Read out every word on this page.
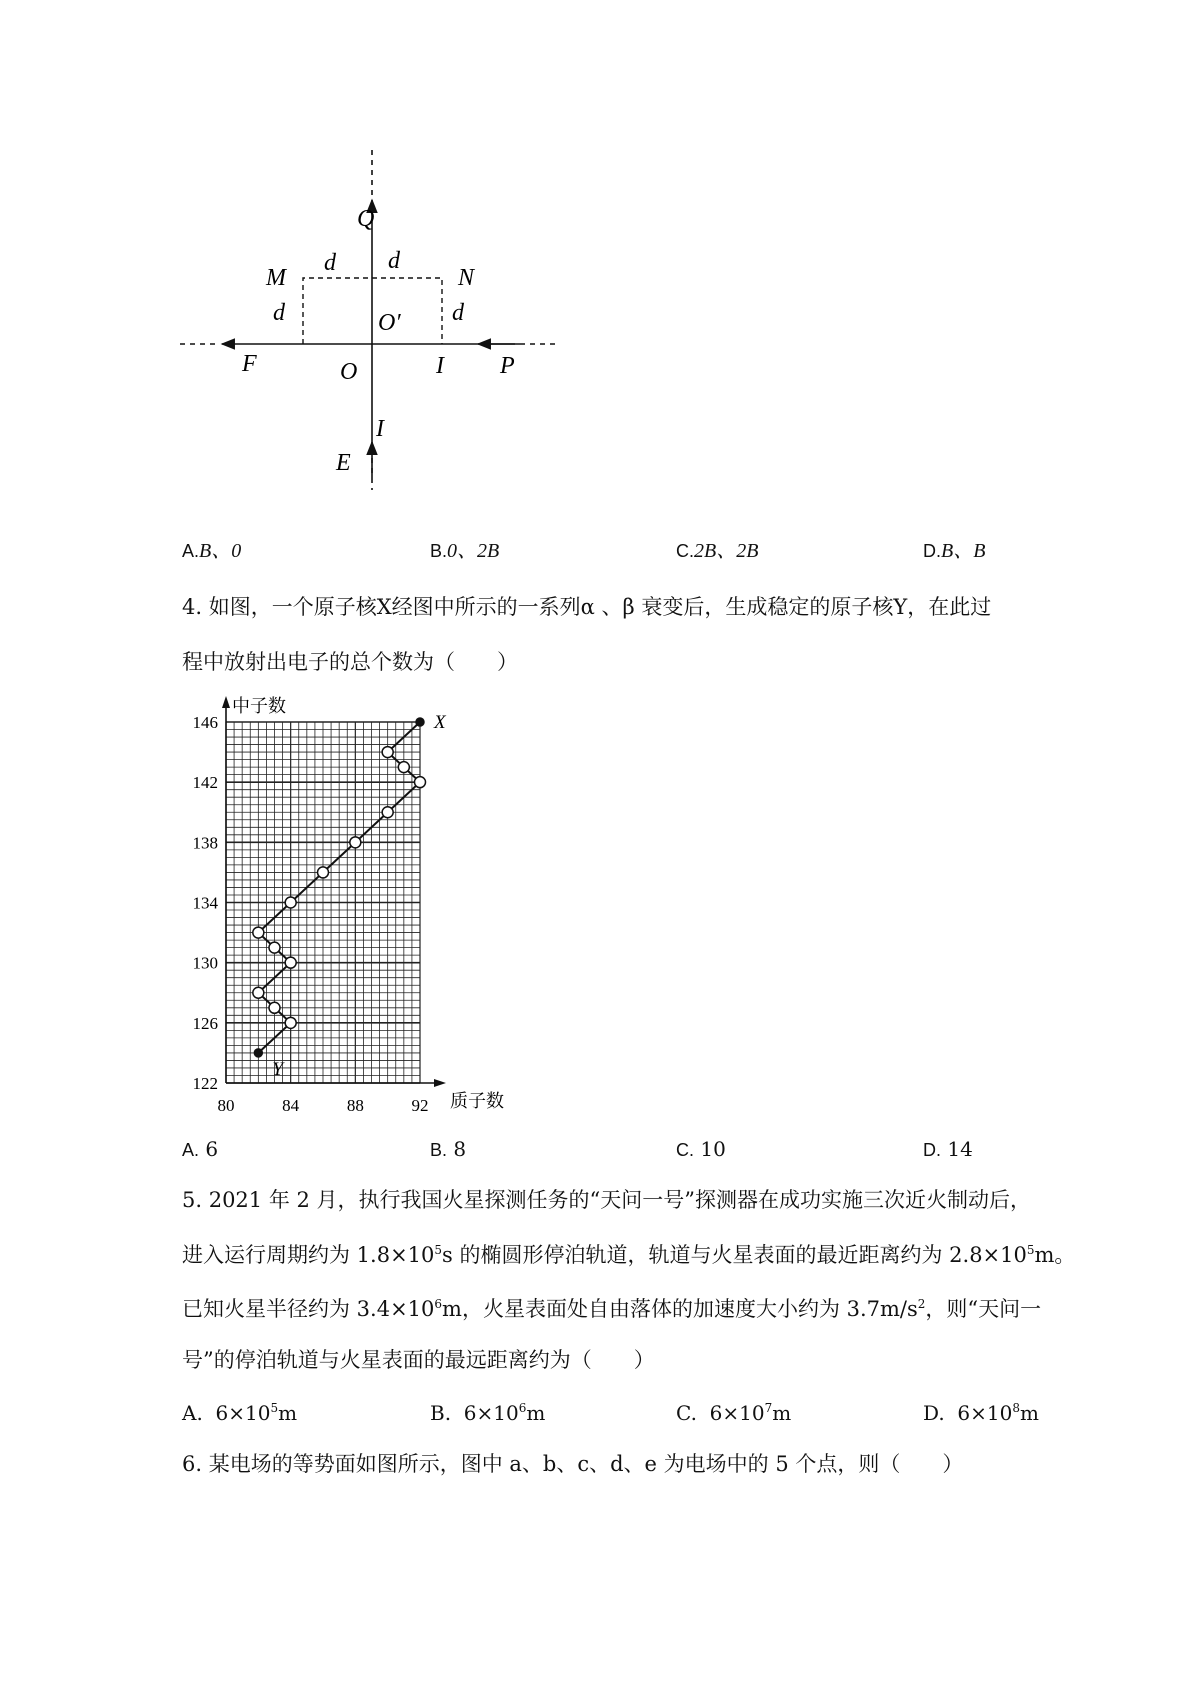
Q
M	N
d d
d	d
O′
F	O	I P
I
E
A.B、0	B.0、2B	C.2B、2B	D.B、B
4. 如图，一个原子核X经图中所示的一系列α 、β 衰变后，生成稳定的原子核Y，在此过
程中放射出电子的总个数为（　　）
122
126
130
134
138
142
146
80	84	88	92
中子数
质子数
X
Y
A. 6	B. 8	C. 10	D. 14
5. 2021 年 2 月，执行我国火星探测任务的“天问一号”探测器在成功实施三次近火制动后，
进入运行周期约为 $1.8\times 10^5s$ 的椭圆形停泊轨道，轨道与火星表面的最近距离约为 $2.8\times 10^5m$。
已知火星半径约为 $3.4\times 10^6m$，火星表面处自由落体的加速度大小约为 $3.7m/s^2$，则“天问一
号”的停泊轨道与火星表面的最远距离约为（　　）
A. $6\times 10^5m$	B. $6\times 10^6m$	C. $6\times 10^7m$	D. $6\times 10^8m$
6. 某电场的等势面如图所示，图中 a、b、c、d、e 为电场中的 5 个点，则（　　）
